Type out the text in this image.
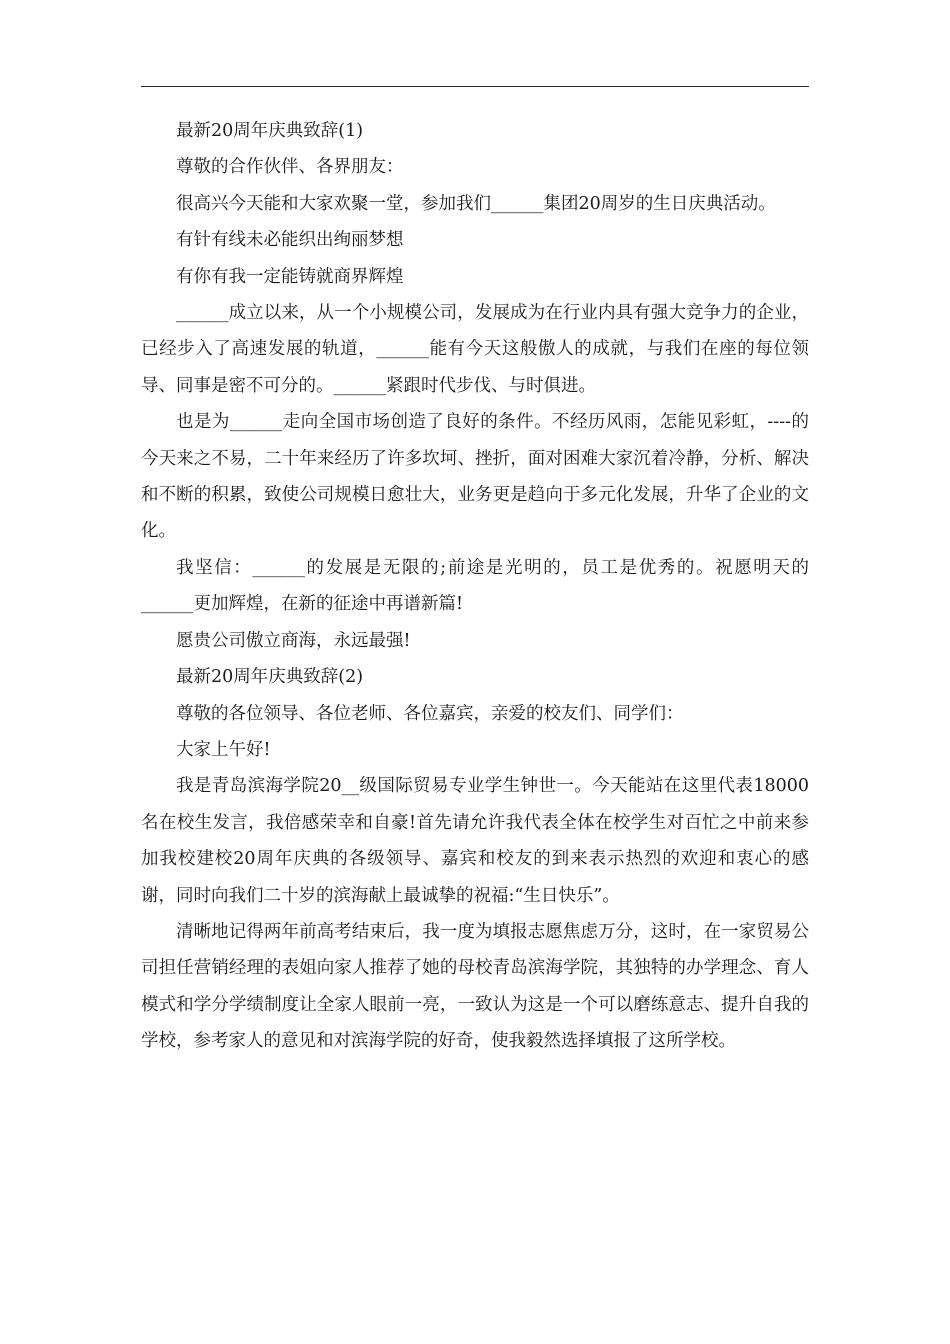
最新20周年庆典致辞(1)

尊敬的合作伙伴、各界朋友：

很高兴今天能和大家欢聚一堂，参加我们______集团20周岁的生日庆典活动。

有针有线未必能织出绚丽梦想

有你有我一定能铸就商界辉煌

______成立以来，从一个小规模公司，发展成为在行业内具有强大竞争力的企业，已经步入了高速发展的轨道，______能有今天这般傲人的成就，与我们在座的每位领导、同事是密不可分的。______紧跟时代步伐、与时俱进。

也是为______走向全国市场创造了良好的条件。不经历风雨，怎能见彩虹，----的今天来之不易，二十年来经历了许多坎坷、挫折，面对困难大家沉着冷静，分析、解决和不断的积累，致使公司规模日愈壮大，业务更是趋向于多元化发展，升华了企业的文化。

我坚信：______的发展是无限的;前途是光明的，员工是优秀的。祝愿明天的______更加辉煌，在新的征途中再谱新篇!

愿贵公司傲立商海，永远最强!

最新20周年庆典致辞(2)

尊敬的各位领导、各位老师、各位嘉宾，亲爱的校友们、同学们：

大家上午好!

我是青岛滨海学院20__级国际贸易专业学生钟世一。今天能站在这里代表18000名在校生发言，我倍感荣幸和自豪!首先请允许我代表全体在校学生对百忙之中前来参加我校建校20周年庆典的各级领导、嘉宾和校友的到来表示热烈的欢迎和衷心的感谢，同时向我们二十岁的滨海献上最诚挚的祝福:“生日快乐”。

清晰地记得两年前高考结束后，我一度为填报志愿焦虑万分，这时，在一家贸易公司担任营销经理的表姐向家人推荐了她的母校青岛滨海学院，其独特的办学理念、育人模式和学分学绩制度让全家人眼前一亮，一致认为这是一个可以磨练意志、提升自我的学校，参考家人的意见和对滨海学院的好奇，使我毅然选择填报了这所学校。
